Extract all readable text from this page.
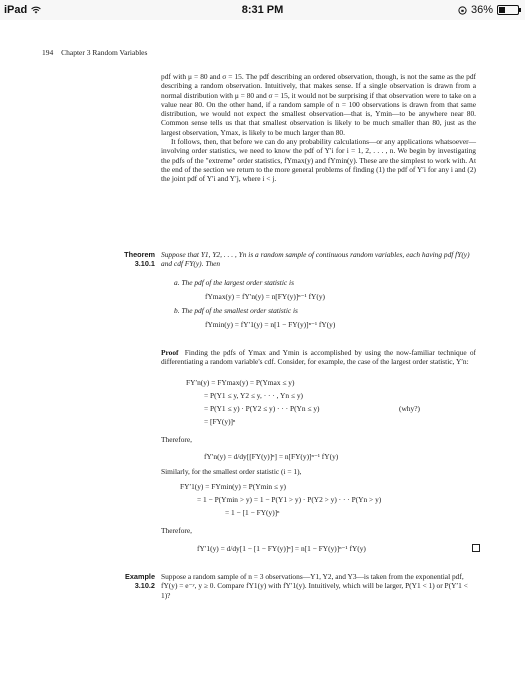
iPad	8:31 PM	36%
194 Chapter 3 Random Variables

pdf with μ = 80 and σ = 15. The pdf describing an ordered observation, though, is not the same as the pdf describing a random observation. Intuitively, that makes sense. If a single observation is drawn from a normal distribution with μ = 80 and σ = 15, it would not be surprising if that observation were to take on a value near 80. On the other hand, if a random sample of n = 100 observations is drawn from that same distribution, we would not expect the smallest observation—that is, Ymin—to be anywhere near 80. Common sense tells us that that smallest observation is likely to be much smaller than 80, just as the largest observation, Ymax, is likely to be much larger than 80.

It follows, then, that before we can do any probability calculations—or any applications whatsoever—involving order statistics, we need to know the pdf of Y′i for i = 1, 2, . . . , n. We begin by investigating the pdfs of the "extreme" order statistics, fYmax(y) and fYmin(y). These are the simplest to work with. At the end of the section we return to the more general problems of finding (1) the pdf of Y′i for any i and (2) the joint pdf of Y′i and Y′j, where i < j.

Theorem
3.10.1
Suppose that Y1, Y2, . . . , Yn is a random sample of continuous random variables, each having pdf fY(y) and cdf FY(y). Then
a. The pdf of the largest order statistic is
fYmax(y) = fY′n(y) = n[FY(y)]ⁿ⁻¹ fY(y)
b. The pdf of the smallest order statistic is
fYmin(y) = fY′1(y) = n[1 − FY(y)]ⁿ⁻¹ fY(y)

Proof Finding the pdfs of Ymax and Ymin is accomplished by using the now-familiar technique of differentiating a random variable's cdf. Consider, for example, the case of the largest order statistic, Y′n:

FY′n(y) = FYmax(y) = P(Ymax ≤ y)
= P(Y1 ≤ y, Y2 ≤ y, · · · , Yn ≤ y)
= P(Y1 ≤ y) · P(Y2 ≤ y) · · · P(Yn ≤ y)	(why?)
= [FY(y)]ⁿ
Therefore,
fY′n(y) = d/dy[[FY(y)]ⁿ] = n[FY(y)]ⁿ⁻¹ fY(y)
Similarly, for the smallest order statistic (i = 1),
FY′1(y) = FYmin(y) = P(Ymin ≤ y)
= 1 − P(Ymin > y) = 1 − P(Y1 > y) · P(Y2 > y) · · · P(Yn > y)
= 1 − [1 − FY(y)]ⁿ
Therefore,
fY′1(y) = d/dy[1 − [1 − FY(y)]ⁿ] = n[1 − FY(y)]ⁿ⁻¹ fY(y)
Example
3.10.2
Suppose a random sample of n = 3 observations—Y1, Y2, and Y3—is taken from the exponential pdf, fY(y) = e⁻ʸ, y ≥ 0. Compare fY1(y) with fY′1(y). Intuitively, which will be larger, P(Y1 < 1) or P(Y′1 < 1)?
